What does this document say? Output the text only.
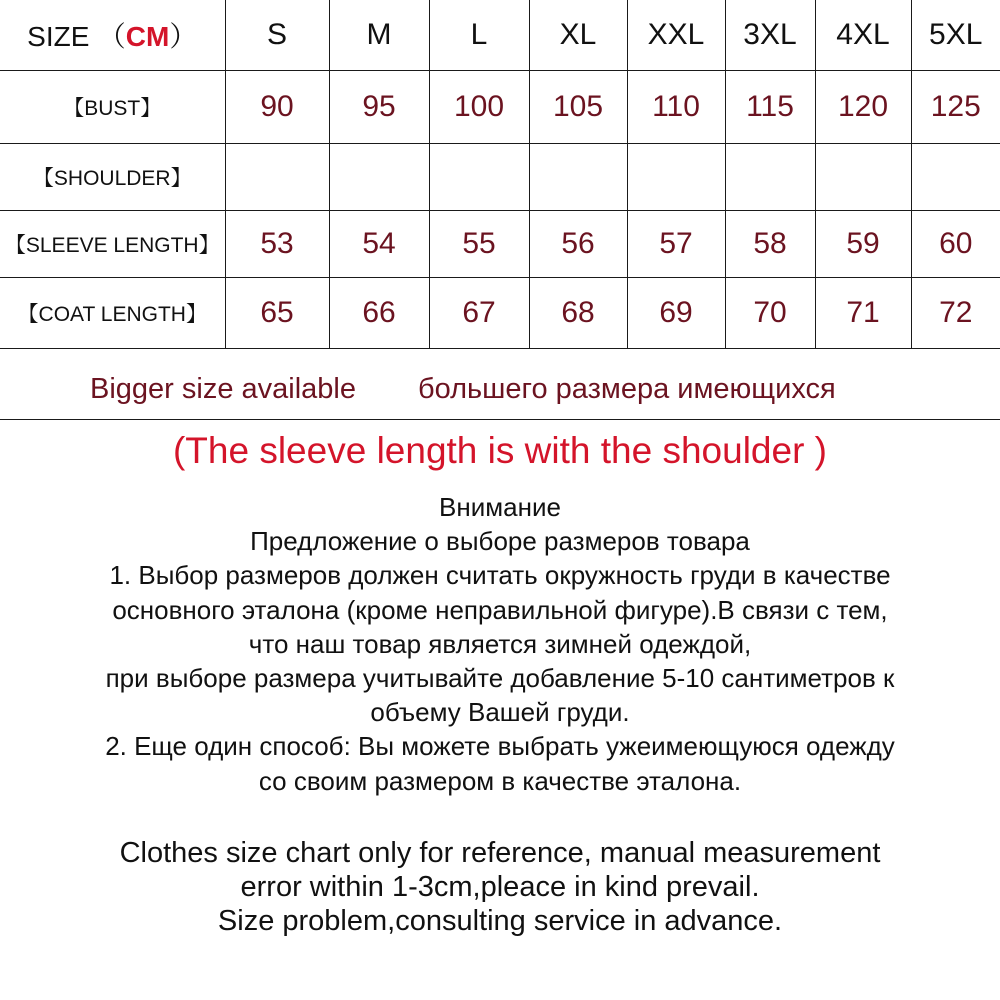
SIZE （CM）	S	M	L	XL	XXL	3XL	4XL	5XL
【BUST】	90	95	100	105	110	115	120	125
【SHOULDER】								
【SLEEVE LENGTH】	53	54	55	56	57	58	59	60
【COAT LENGTH】	65	66	67	68	69	70	71	72
Bigger size available большего размера имеющихся
(The sleeve length is with the shoulder )
Внимание
Предложение о выборе размеров товара
1. Выбор размеров должен считать окружность груди в качестве
основного эталона (кроме неправильной фигуре).В связи с тем,
что наш товар является зимней одеждой,
при выборе размера учитывайте добавление 5-10 сантиметров к
объему Вашей груди.
2. Еще один способ: Вы можете выбрать ужеимеющуюся одежду
со своим размером в качестве эталона.
Clothes size chart only for reference, manual measurement
error within 1-3cm,pleace in kind prevail.
Size problem,consulting service in advance.
